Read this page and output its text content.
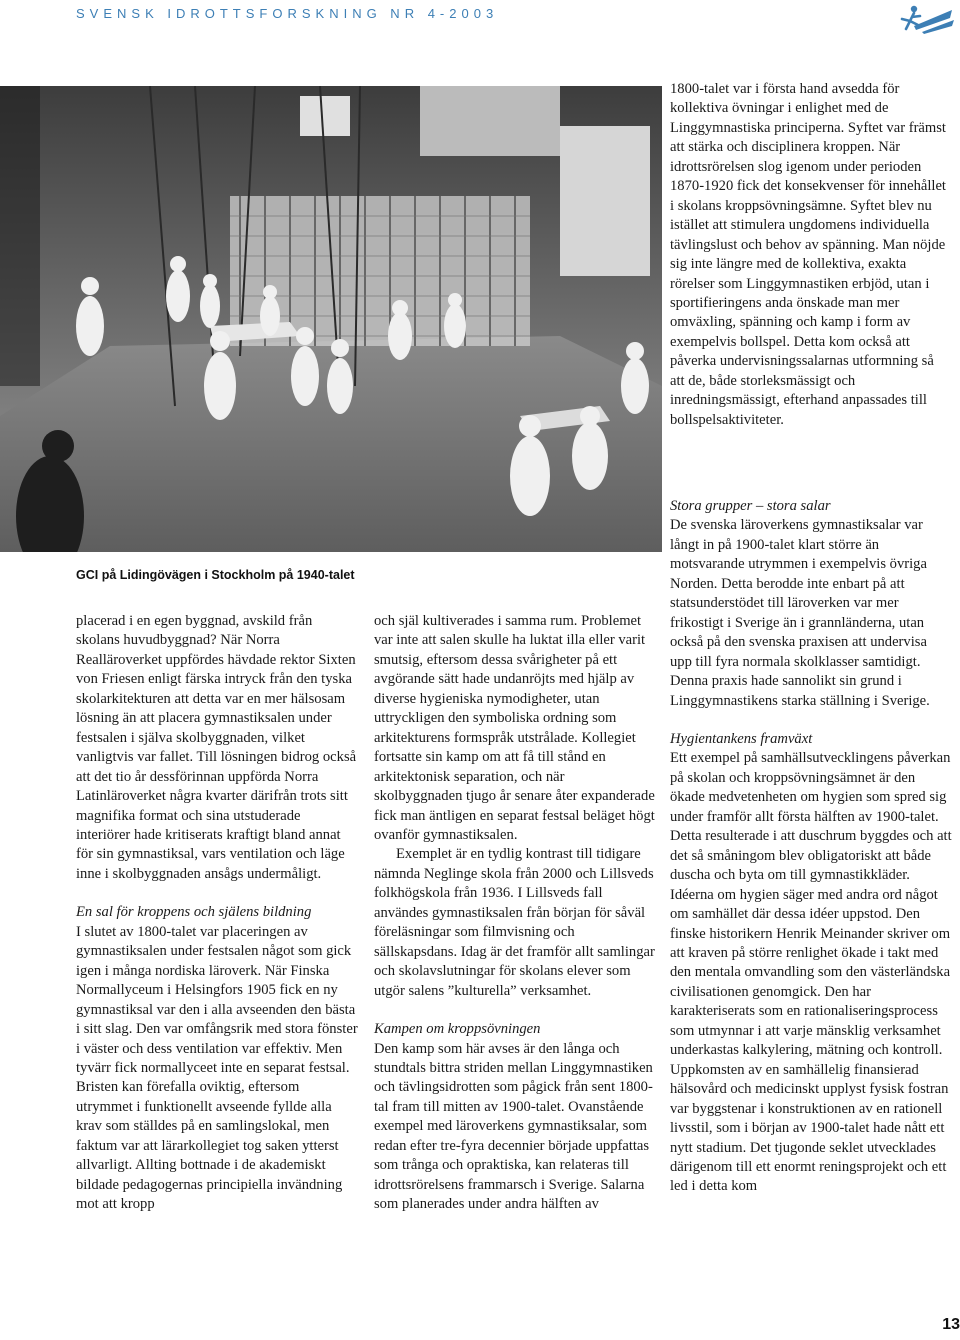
SVENSK IDROTTSFORSKNING NR 4-2003
GCI på Lidingövägen i Stockholm på 1940-talet

placerad i en egen byggnad, avskild från skolans huvudbyggnad? När Norra Realläroverket uppfördes hävdade rektor Sixten von Friesen enligt färska intryck från den tyska skolarkitekturen att detta var en mer hälsosam lösning än att placera gymnastiksalen under festsalen i själva skolbyggnaden, vilket vanligtvis var fallet. Till lösningen bidrog också att det tio år dessförinnan uppförda Norra Latinläroverket några kvarter därifrån trots sitt magnifika format och sina utstuderade interiörer hade kritiserats kraftigt bland annat för sin gymnastiksal, vars ventilation och läge inne i skolbyggnaden ansågs undermåligt.

En sal för kroppens och själens bildning

I slutet av 1800-talet var placeringen av gymnastiksalen under festsalen något som gick igen i många nordiska läroverk. När Finska Normallyceum i Helsingfors 1905 fick en ny gymnastiksal var den i alla avseenden den bästa i sitt slag. Den var omfångsrik med stora fönster i väster och dess ventilation var effektiv. Men tyvärr fick normallyceet inte en separat festsal. Bristen kan förefalla oviktig, eftersom utrymmet i funktionellt avseende fyllde alla krav som ställdes på en samlingslokal, men faktum var att lärarkollegiet tog saken ytterst allvarligt. Allting bottnade i de akademiskt bildade pedagogernas principiella invändning mot att kropp

och själ kultiverades i samma rum. Problemet var inte att salen skulle ha luktat illa eller varit smutsig, eftersom dessa svårigheter på ett avgörande sätt hade undanröjts med hjälp av diverse hygieniska nymodigheter, utan uttryckligen den symboliska ordning som arkitekturens formspråk utstrålade. Kollegiet fortsatte sin kamp om att få till stånd en arkitektonisk separation, och när skolbyggnaden tjugo år senare åter expanderade fick man äntligen en separat festsal beläget högt ovanför gymnastiksalen.

Exemplet är en tydlig kontrast till tidigare nämnda Neglinge skola från 2000 och Lillsveds folkhögskola från 1936. I Lillsveds fall användes gymnastiksalen från början för såväl föreläsningar som filmvisning och sällskapsdans. Idag är det framför allt samlingar och skolavslutningar för skolans elever som utgör salens ”kulturella” verksamhet.

Kampen om kroppsövningen

Den kamp som här avses är den långa och stundtals bittra striden mellan Linggymnastiken och tävlingsidrotten som pågick från sent 1800-tal fram till mitten av 1900-talet. Ovanstående exempel med läroverkens gymnastiksalar, som redan efter tre-fyra decennier började uppfattas som trånga och opraktiska, kan relateras till idrottsrörelsens frammarsch i Sverige. Salarna som planerades under andra hälften av

1800-talet var i första hand avsedda för kollektiva övningar i enlighet med de Linggymnastiska principerna. Syftet var främst att stärka och disciplinera kroppen. När idrottsrörelsen slog igenom under perioden 1870-1920 fick det konsekvenser för innehållet i skolans kroppsövningsämne. Syftet blev nu istället att stimulera ungdomens individuella tävlingslust och behov av spänning. Man nöjde sig inte längre med de kollektiva, exakta rörelser som Linggymnastiken erbjöd, utan i sportifieringens anda önskade man mer omväxling, spänning och kamp i form av exempelvis bollspel. Detta kom också att påverka undervisningssalarnas utformning så att de, både storleksmässigt och inredningsmässigt, efterhand anpassades till bollspelsaktiviteter.

Stora grupper – stora salar

De svenska läroverkens gymnastiksalar var långt in på 1900-talet klart större än motsvarande utrymmen i exempelvis övriga Norden. Detta berodde inte enbart på att statsunderstödet till läroverken var mer frikostigt i Sverige än i grannländerna, utan också på den svenska praxisen att undervisa upp till fyra normala skolklasser samtidigt. Denna praxis hade sannolikt sin grund i Linggymnastikens starka ställning i Sverige.

Hygientankens framväxt

Ett exempel på samhällsutvecklingens påverkan på skolan och kroppsövningsämnet är den ökade medvetenheten om hygien som spred sig under framför allt första hälften av 1900-talet. Detta resulterade i att duschrum byggdes och att det så småningom blev obligatoriskt att både duscha och byta om till gymnastikkläder. Idéerna om hygien säger med andra ord något om samhället där dessa idéer uppstod. Den finske historikern Henrik Meinander skriver om att kraven på större renlighet ökade i takt med den mentala omvandling som den västerländska civilisationen genomgick. Den har karakteriserats som en rationaliseringsprocess som utmynnar i att varje mänsklig verksamhet underkastas kalkylering, mätning och kontroll. Uppkomsten av en samhällelig finansierad hälsovård och medicinskt upplyst fysisk fostran var byggstenar i konstruktionen av en rationell livsstil, som i början av 1900-talet hade nått ett nytt stadium. Det tjugonde seklet utvecklades därigenom till ett enormt reningsprojekt och ett led i detta kom

13
